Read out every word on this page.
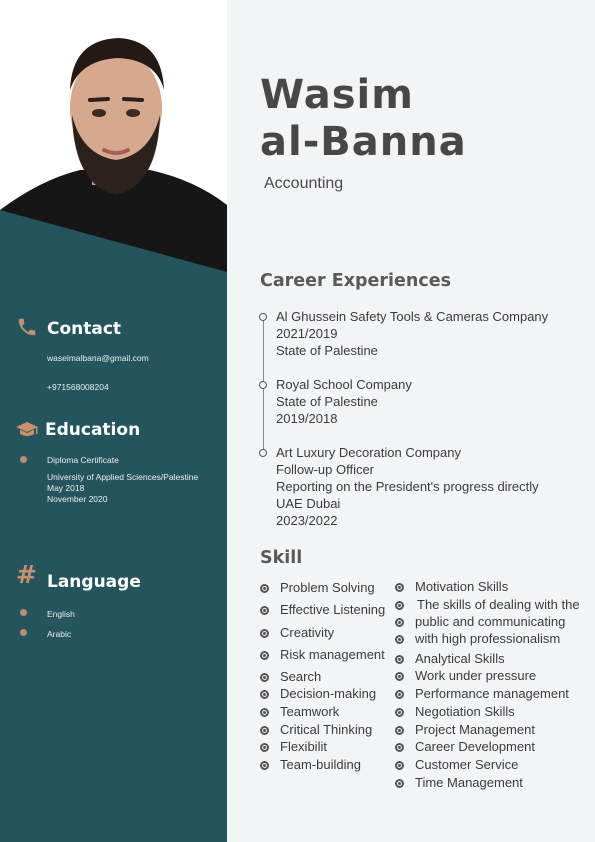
Wasim
al-Banna
Accounting
Career Experiences
Al Ghussein Safety Tools & Cameras Company
2021/2019
State of Palestine
Royal School Company
State of Palestine
2019/2018
Art Luxury Decoration Company
Follow-up Officer
Reporting on the President's progress directly
UAE Dubai
2023/2022
Skill
Problem Solving
Effective Listening
Creativity
Risk management
Search
Decision-making
Teamwork
Critical Thinking
Flexibilit
Team-building
Motivation Skills
The skills of dealing with the
public and communicating
with high professionalism
Analytical Skills
Work under pressure
Performance management
Negotiation Skills
Project Management
Career Development
Customer Service
Time Management
Contact
waseimalbana@gmail.com
+971568008204
Education
Diploma Certificate
University of Applied Sciences/Palestine
May 2018
November 2020
# Language
English
Arabic
